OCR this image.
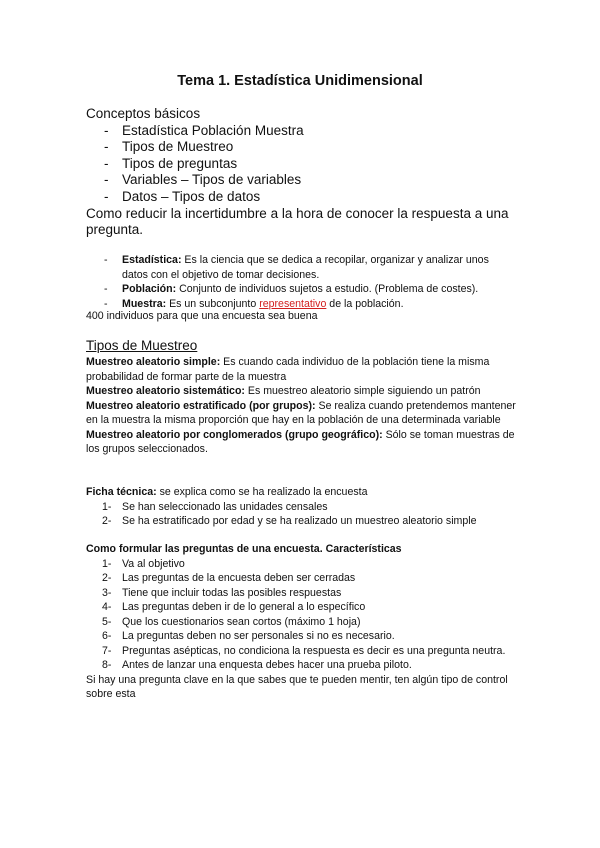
Tema 1. Estadística Unidimensional
Conceptos básicos
- Estadística Población Muestra
- Tipos de Muestreo
- Tipos de preguntas
- Variables – Tipos de variables
- Datos – Tipos de datos
Como reducir la incertidumbre a la hora de conocer la respuesta a una pregunta.
- Estadística: Es la ciencia que se dedica a recopilar, organizar y analizar unos datos con el objetivo de tomar decisiones.
- Población: Conjunto de individuos sujetos a estudio. (Problema de costes).
- Muestra: Es un subconjunto representativo de la población.
400 individuos para que una encuesta sea buena
Tipos de Muestreo

Muestreo aleatorio simple: Es cuando cada individuo de la población tiene la misma probabilidad de formar parte de la muestra

Muestreo aleatorio sistemático: Es muestreo aleatorio simple siguiendo un patrón

Muestreo aleatorio estratificado (por grupos): Se realiza cuando pretendemos mantener en la muestra la misma proporción que hay en la población de una determinada variable

Muestreo aleatorio por conglomerados (grupo geográfico): Sólo se toman muestras de los grupos seleccionados.

Ficha técnica: se explica como se ha realizado la encuesta

1- Se han seleccionado las unidades censales
2- Se ha estratificado por edad y se ha realizado un muestreo aleatorio simple

Como formular las preguntas de una encuesta. Características

1- Va al objetivo
2- Las preguntas de la encuesta deben ser cerradas
3- Tiene que incluir todas las posibles respuestas
4- Las preguntas deben ir de lo general a lo específico
5- Que los cuestionarios sean cortos (máximo 1 hoja)
6- La preguntas deben no ser personales si no es necesario.
7- Preguntas asépticas, no condiciona la respuesta es decir es una pregunta neutra.
8- Antes de lanzar una enquesta debes hacer una prueba piloto.

Si hay una pregunta clave en la que sabes que te pueden mentir, ten algún tipo de control sobre esta
